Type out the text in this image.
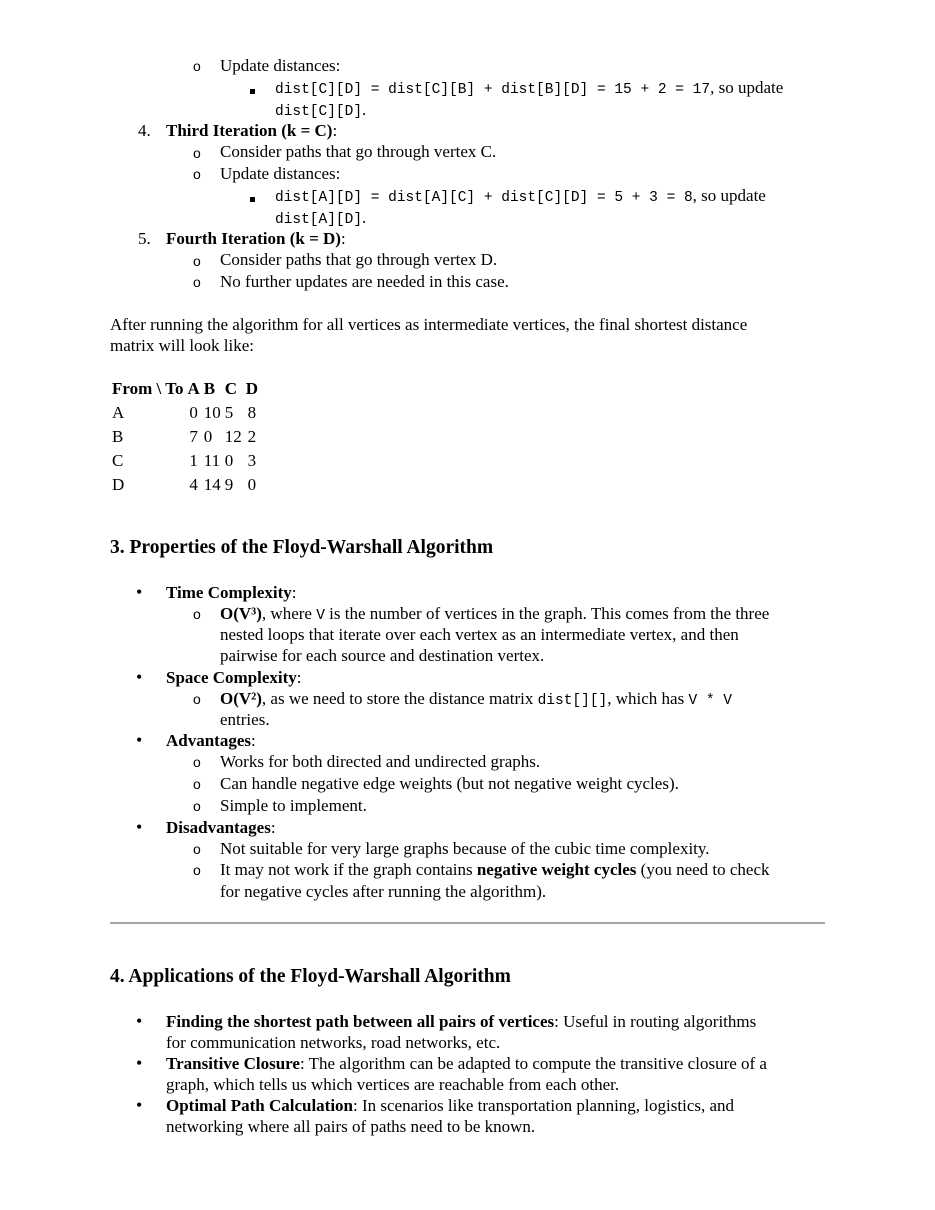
o Update distances:
dist[C][D] = dist[C][B] + dist[B][D] = 15 + 2 = 17, so update
dist[C][D].
4. Third Iteration (k = C):
o Consider paths that go through vertex C.
o Update distances:
dist[A][D] = dist[A][C] + dist[C][D] = 5 + 3 = 8, so update
dist[A][D].
5. Fourth Iteration (k = D):
o Consider paths that go through vertex D.
o No further updates are needed in this case.
After running the algorithm for all vertices as intermediate vertices, the final shortest distance
matrix will look like:
From \ To	A	B	C	D
A	0	10	5	8
B	7	0	12	2
C	1	11	0	3
D	4	14	9	0
3. Properties of the Floyd-Warshall Algorithm
• Time Complexity:
o O(V³), where V is the number of vertices in the graph. This comes from the three
nested loops that iterate over each vertex as an intermediate vertex, and then
pairwise for each source and destination vertex.
• Space Complexity:
o O(V²), as we need to store the distance matrix dist[][], which has V * V
entries.
• Advantages:
o Works for both directed and undirected graphs.
o Can handle negative edge weights (but not negative weight cycles).
o Simple to implement.
• Disadvantages:
o Not suitable for very large graphs because of the cubic time complexity.
o It may not work if the graph contains negative weight cycles (you need to check
for negative cycles after running the algorithm).
4. Applications of the Floyd-Warshall Algorithm
• Finding the shortest path between all pairs of vertices: Useful in routing algorithms
for communication networks, road networks, etc.
• Transitive Closure: The algorithm can be adapted to compute the transitive closure of a
graph, which tells us which vertices are reachable from each other.
• Optimal Path Calculation: In scenarios like transportation planning, logistics, and
networking where all pairs of paths need to be known.
